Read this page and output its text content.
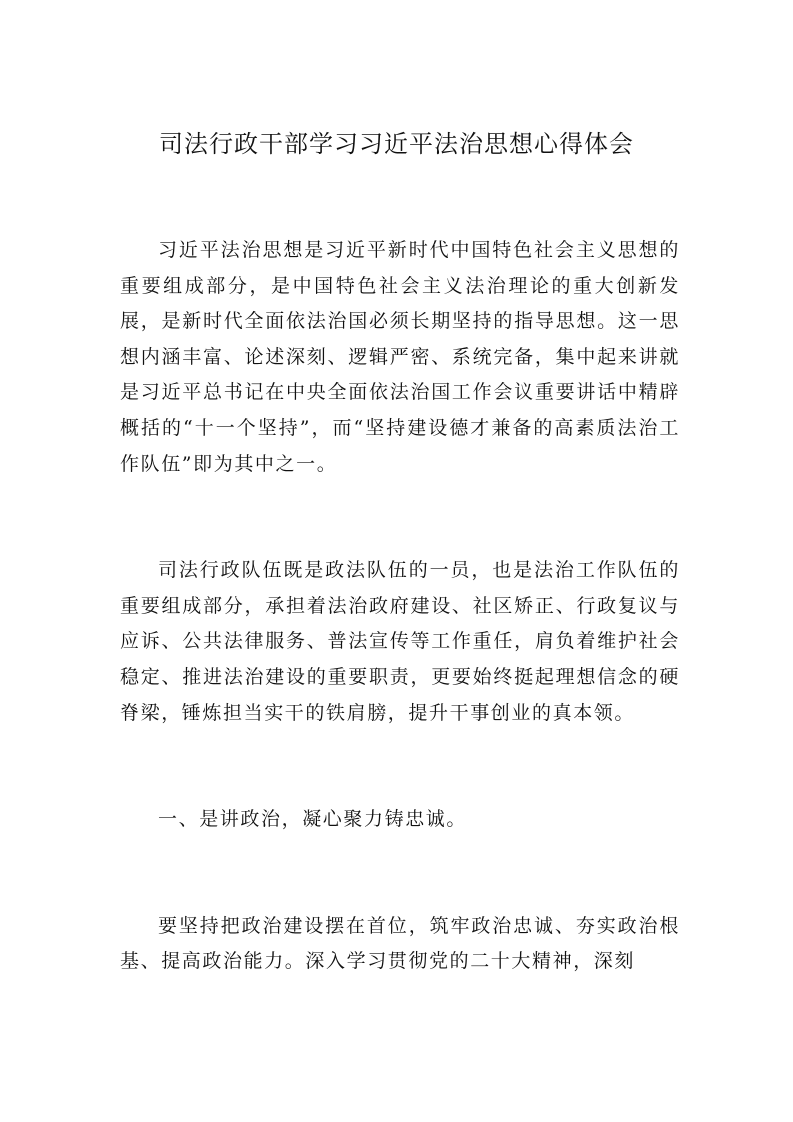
司法行政干部学习习近平法治思想心得体会

习近平法治思想是习近平新时代中国特色社会主义思想的重要组成部分，是中国特色社会主义法治理论的重大创新发展，是新时代全面依法治国必须长期坚持的指导思想。这一思想内涵丰富、论述深刻、逻辑严密、系统完备，集中起来讲就是习近平总书记在中央全面依法治国工作会议重要讲话中精辟概括的“十一个坚持”，而“坚持建设德才兼备的高素质法治工作队伍”即为其中之一。

司法行政队伍既是政法队伍的一员，也是法治工作队伍的重要组成部分，承担着法治政府建设、社区矫正、行政复议与应诉、公共法律服务、普法宣传等工作重任，肩负着维护社会稳定、推进法治建设的重要职责，更要始终挺起理想信念的硬脊梁，锤炼担当实干的铁肩膀，提升干事创业的真本领。

一、是讲政治，凝心聚力铸忠诚。

要坚持把政治建设摆在首位，筑牢政治忠诚、夯实政治根基、提高政治能力。深入学习贯彻党的二十大精神，深刻
